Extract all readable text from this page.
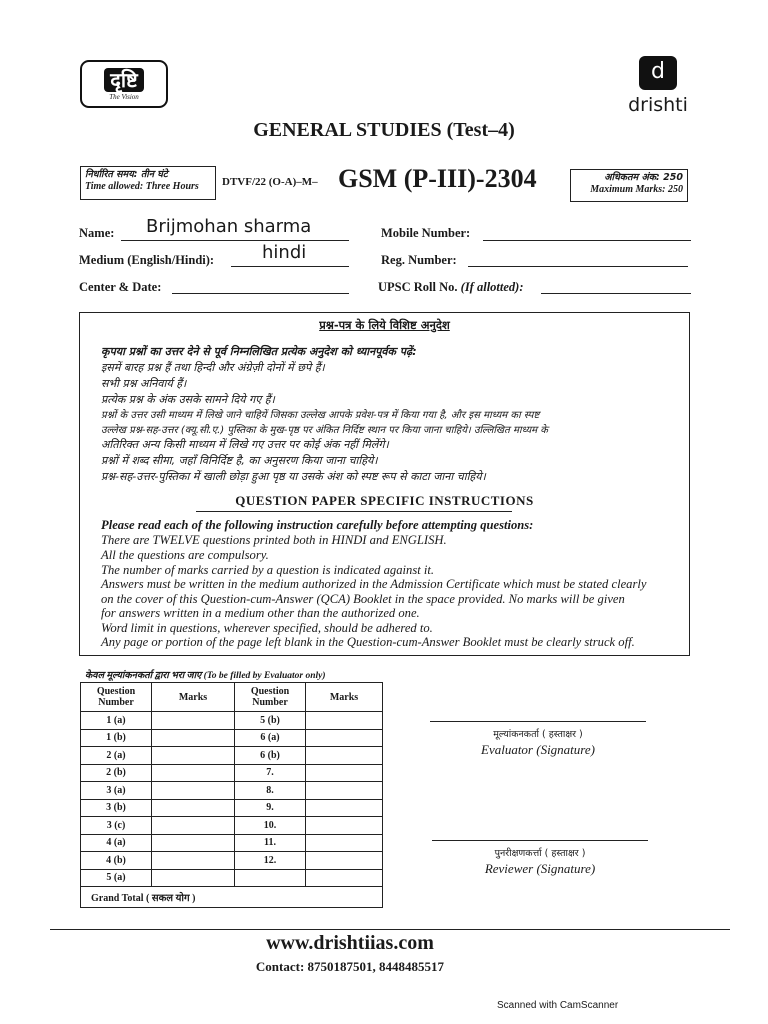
दृष्टि
The Vision
d
drishti
GENERAL STUDIES (Test–4)
निर्धारित समय: तीन घंटे
Time allowed: Three Hours	DTVF/22 (O-A)–M– GSM (P-III)-2304	अधिकतम अंक: 250
Maximum Marks: 250
Name: Brijmohan sharma
Medium (English/Hindi):	hindi
Center & Date:
Mobile Number:
Reg. Number:
UPSC Roll No. (If allotted):
प्रश्न-पत्र के लिये विशिष्ट अनुदेश
कृपया प्रश्नों का उत्तर देने से पूर्व निम्नलिखित प्रत्येक अनुदेश को ध्यानपूर्वक पढ़ें:
इसमें बारह प्रश्न हैं तथा हिन्दी और अंग्रेज़ी दोनों में छपे हैं।
सभी प्रश्न अनिवार्य हैं।
प्रत्येक प्रश्न के अंक उसके सामने दिये गए हैं।
प्रश्नों के उत्तर उसी माध्यम में लिखे जाने चाहियें जिसका उल्लेख आपके प्रवेश-पत्र में किया गया है, और इस माध्यम का स्पष्ट
उल्लेख प्रश्न-सह-उत्तर (क्यू.सी.ए.) पुस्तिका के मुख-पृष्ठ पर अंकित निर्दिष्ट स्थान पर किया जाना चाहिये। उल्लिखित माध्यम के
अतिरिक्त अन्य किसी माध्यम में लिखे गए उत्तर पर कोई अंक नहीं मिलेंगे।
प्रश्नों में शब्द सीमा, जहाँ विनिर्दिष्ट है, का अनुसरण किया जाना चाहिये।
प्रश्न-सह-उत्तर-पुस्तिका में खाली छोड़ा हुआ पृष्ठ या उसके अंश को स्पष्ट रूप से काटा जाना चाहिये।
QUESTION PAPER SPECIFIC INSTRUCTIONS
Please read each of the following instruction carefully before attempting questions:
There are TWELVE questions printed both in HINDI and ENGLISH.
All the questions are compulsory.
The number of marks carried by a question is indicated against it.
Answers must be written in the medium authorized in the Admission Certificate which must be stated clearly
on the cover of this Question-cum-Answer (QCA) Booklet in the space provided. No marks will be given
for answers written in a medium other than the authorized one.
Word limit in questions, wherever specified, should be adhered to.
Any page or portion of the page left blank in the Question-cum-Answer Booklet must be clearly struck off.
केवल मूल्यांकनकर्ता द्वारा भरा जाए (To be filled by Evaluator only)
Question Number	Marks	Question Number	Marks
1 (a)		5 (b)	
1 (b)		6 (a)	
2 (a)		6 (b)	
2 (b)		7.	
3 (a)		8.	
3 (b)		9.	
3 (c)		10.	
4 (a)		11.	
4 (b)		12.	
5 (a)			
Grand Total ( सकल योग )			
मूल्यांकनकर्ता ( हस्ताक्षर )
Evaluator (Signature)
पुनरीक्षणकर्त्ता ( हस्ताक्षर )
Reviewer (Signature)
www.drishtiias.com
Contact: 8750187501, 8448485517
Scanned with CamScanner
